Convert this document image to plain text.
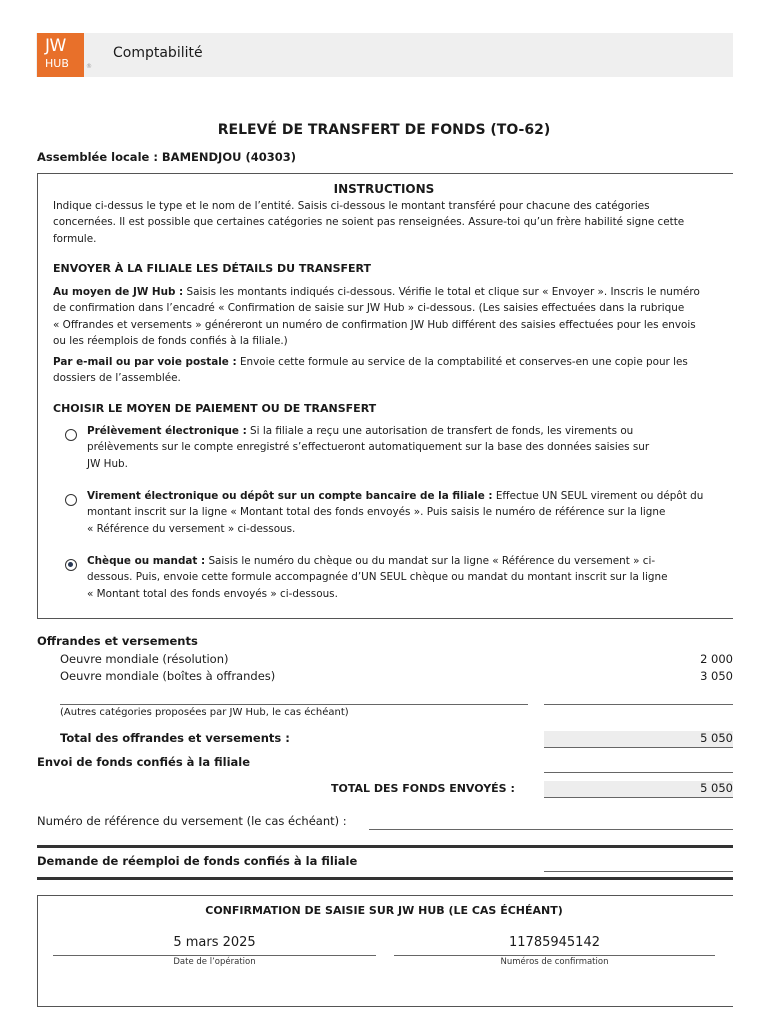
JW
HUB	®
Comptabilité
RELEVÉ DE TRANSFERT DE FONDS (TO-62)
Assemblée locale : BAMENDJOU (40303)
INSTRUCTIONS
Indique ci-dessus le type et le nom de l’entité. Saisis ci-dessous le montant transféré pour chacune des catégories
concernées. Il est possible que certaines catégories ne soient pas renseignées. Assure-toi qu’un frère habilité signe cette
formule.
ENVOYER À LA FILIALE LES DÉTAILS DU TRANSFERT
Au moyen de JW Hub : Saisis les montants indiqués ci-dessous. Vérifie le total et clique sur « Envoyer ». Inscris le numéro
de confirmation dans l’encadré « Confirmation de saisie sur JW Hub » ci-dessous. (Les saisies effectuées dans la rubrique
« Offrandes et versements » généreront un numéro de confirmation JW Hub différent des saisies effectuées pour les envois
ou les réemplois de fonds confiés à la filiale.)
Par e-mail ou par voie postale : Envoie cette formule au service de la comptabilité et conserves-en une copie pour les
dossiers de l’assemblée.
CHOISIR LE MOYEN DE PAIEMENT OU DE TRANSFERT
Prélèvement électronique : Si la filiale a reçu une autorisation de transfert de fonds, les virements ou
prélèvements sur le compte enregistré s’effectueront automatiquement sur la base des données saisies sur
JW Hub.
Virement électronique ou dépôt sur un compte bancaire de la filiale : Effectue UN SEUL virement ou dépôt du
montant inscrit sur la ligne « Montant total des fonds envoyés ». Puis saisis le numéro de référence sur la ligne
« Référence du versement » ci-dessous.
Chèque ou mandat : Saisis le numéro du chèque ou du mandat sur la ligne « Référence du versement » ci-
dessous. Puis, envoie cette formule accompagnée d’UN SEUL chèque ou mandat du montant inscrit sur la ligne
« Montant total des fonds envoyés » ci-dessous.
Offrandes et versements
Oeuvre mondiale (résolution)	2 000
Oeuvre mondiale (boîtes à offrandes)	3 050
(Autres catégories proposées par JW Hub, le cas échéant)
Total des offrandes et versements :	5 050
Envoi de fonds confiés à la filiale
TOTAL DES FONDS ENVOYÉS :	5 050
Numéro de référence du versement (le cas échéant) :
Demande de réemploi de fonds confiés à la filiale
CONFIRMATION DE SAISIE SUR JW HUB (LE CAS ÉCHÉANT)
5 mars 2025
Date de l’opération
11785945142
Numéros de confirmation
